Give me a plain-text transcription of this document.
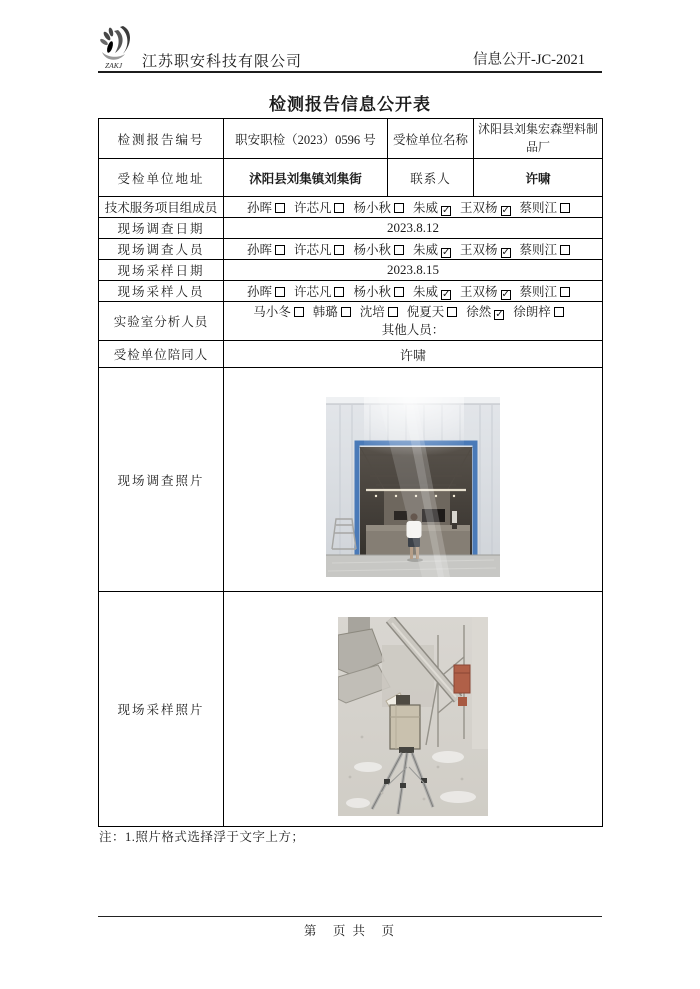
ZAKJ 江苏职安科技有限公司	信息公开-JC-2021
检测报告信息公开表
检测报告编号	职安职检（2023）0596 号	受检单位名称	沭阳县刘集宏森塑料制品厂
受检单位地址	沭阳县刘集镇刘集街	联系人	许啸
技术服务项目组成员	孙晖 许芯凡 杨小秋 朱威 ✓ 王双杨 ✓ 蔡则江		
现场调查日期	2023.8.12		
现场调查人员	孙晖 许芯凡 杨小秋 朱威 ✓ 王双杨 ✓ 蔡则江		
现场采样日期	2023.8.15		
现场采样人员	孙晖 许芯凡 杨小秋 朱威 ✓ 王双杨 ✓ 蔡则江		
实验室分析人员	马小冬 韩璐 沈培 倪夏天 徐然 ✓ 徐朗梓
其他人员：		

受检单位陪同人	许啸		
现场调查照片	

现场采样照片	
注：1.照片格式选择浮于文字上方；
第　页 共　页
